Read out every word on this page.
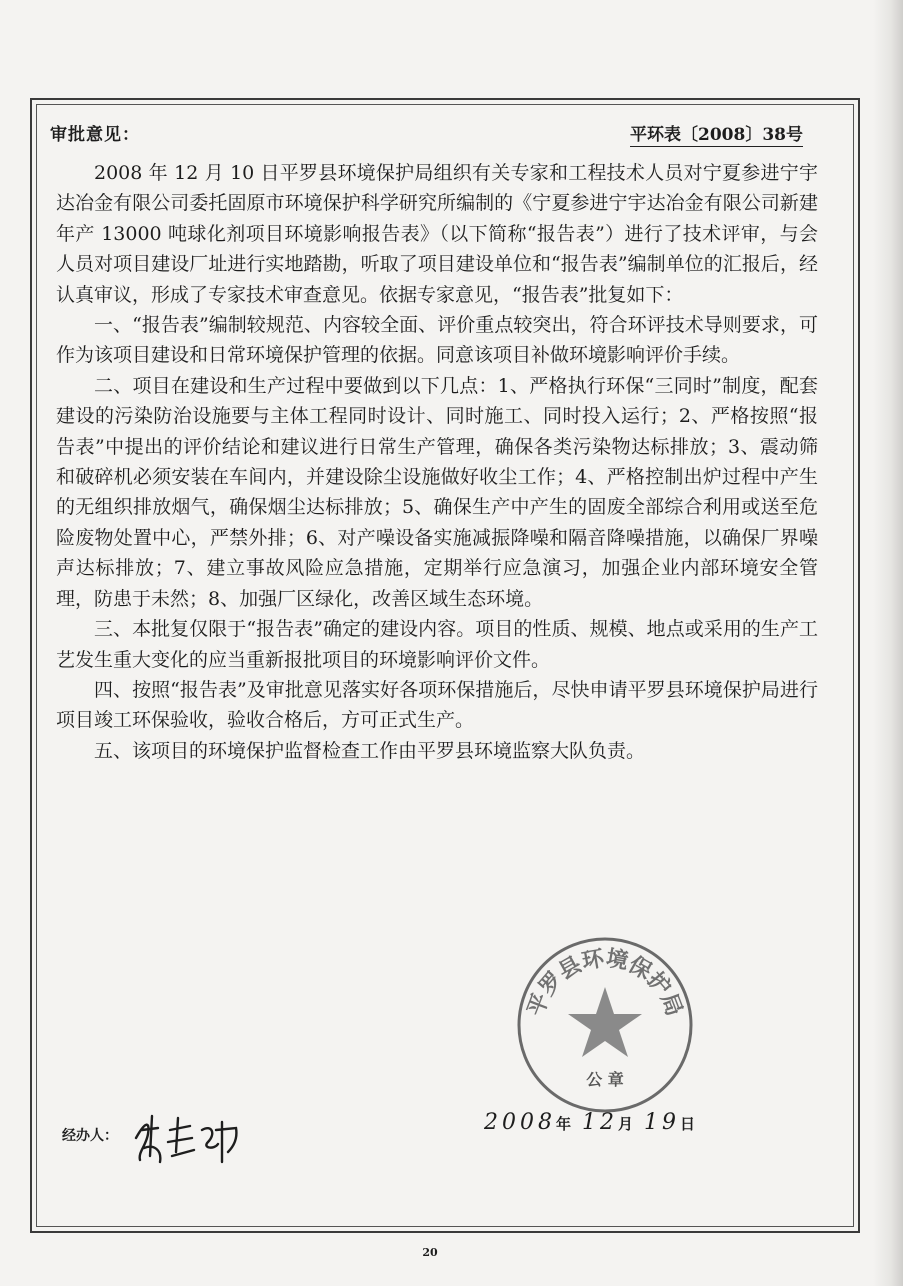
审批意见：	平环表〔2008〕38号

2008 年 12 月 10 日平罗县环境保护局组织有关专家和工程技术人员对宁夏参进宁宇达冶金有限公司委托固原市环境保护科学研究所编制的《宁夏参进宁宇达冶金有限公司新建年产 13000 吨球化剂项目环境影响报告表》（以下简称“报告表”）进行了技术评审，与会人员对项目建设厂址进行实地踏勘，听取了项目建设单位和“报告表”编制单位的汇报后，经认真审议，形成了专家技术审查意见。依据专家意见，“报告表”批复如下：

一、“报告表”编制较规范、内容较全面、评价重点较突出，符合环评技术导则要求，可作为该项目建设和日常环境保护管理的依据。同意该项目补做环境影响评价手续。

二、项目在建设和生产过程中要做到以下几点：1、严格执行环保“三同时”制度，配套建设的污染防治设施要与主体工程同时设计、同时施工、同时投入运行；2、严格按照“报告表”中提出的评价结论和建议进行日常生产管理，确保各类污染物达标排放；3、震动筛和破碎机必须安装在车间内，并建设除尘设施做好收尘工作；4、严格控制出炉过程中产生的无组织排放烟气，确保烟尘达标排放；5、确保生产中产生的固废全部综合利用或送至危险废物处置中心，严禁外排；6、对产噪设备实施减振降噪和隔音降噪措施，以确保厂界噪声达标排放；7、建立事故风险应急措施，定期举行应急演习，加强企业内部环境安全管理，防患于未然；8、加强厂区绿化，改善区域生态环境。

三、本批复仅限于“报告表”确定的建设内容。项目的性质、规模、地点或采用的生产工艺发生重大变化的应当重新报批项目的环境影响评价文件。

四、按照“报告表”及审批意见落实好各项环保措施后，尽快申请平罗县环境保护局进行项目竣工环保验收，验收合格后，方可正式生产。

五、该项目的环境保护监督检查工作由平罗县环境监察大队负责。

平罗县环境保护局
公 章
经办人：
2008年 12月 19日
20
